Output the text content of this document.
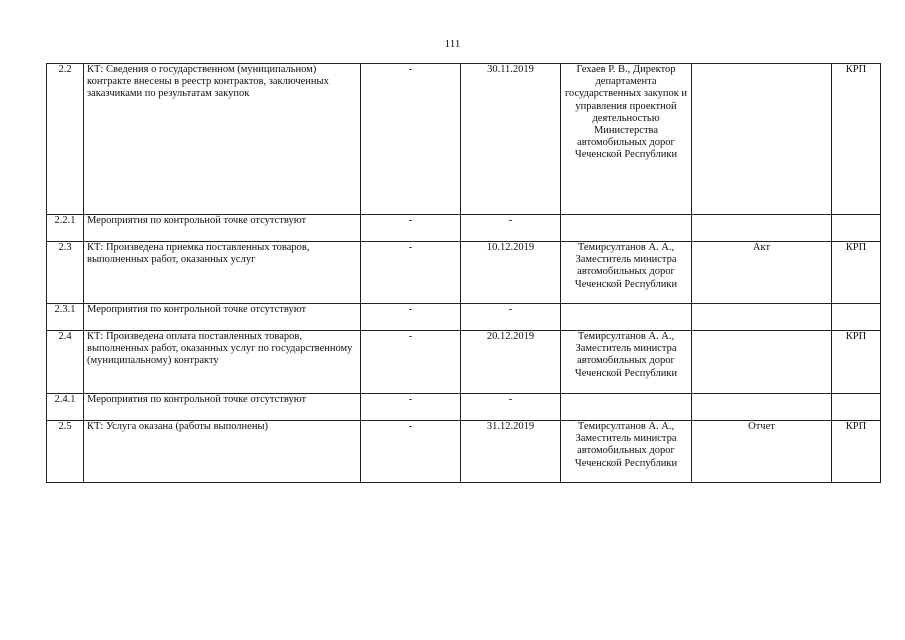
111
2.2	КТ: Сведения о государственном (муниципальном) контракте внесены в реестр контрактов, заключенных заказчиками по результатам закупок	-	30.11.2019	Гехаев Р. В., Директор департамента государственных закупок и управления проектной деятельностью Министерства автомобильных дорог Чеченской Республики		КРП
2.2.1	Мероприятия по контрольной точке отсутствуют	-	-			
2.3	КТ: Произведена приемка поставленных товаров, выполненных работ, оказанных услуг	-	10.12.2019	Темирсултанов А. А., Заместитель министра автомобильных дорог Чеченской Республики	Акт	КРП
2.3.1	Мероприятия по контрольной точке отсутствуют	-	-			
2.4	КТ: Произведена оплата поставленных товаров, выполненных работ, оказанных услуг по государственному (муниципальному) контракту	-	20.12.2019	Темирсултанов А. А., Заместитель министра автомобильных дорог Чеченской Республики		КРП
2.4.1	Мероприятия по контрольной точке отсутствуют	-	-			
2.5	КТ: Услуга оказана (работы выполнены)	-	31.12.2019	Темирсултанов А. А., Заместитель министра автомобильных дорог Чеченской Республики	Отчет	КРП
